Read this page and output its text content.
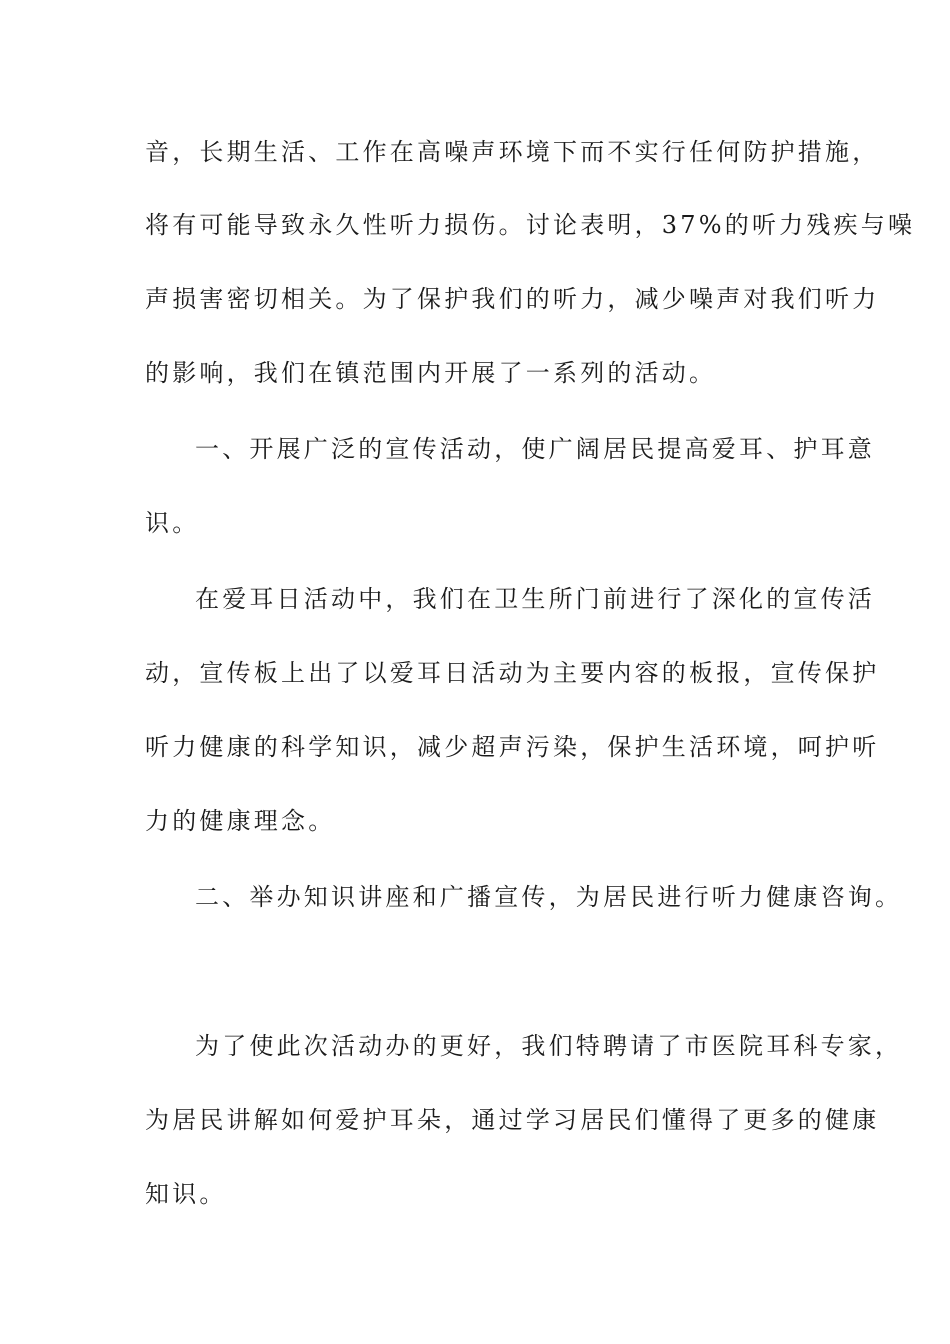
音，长期生活、工作在高噪声环境下而不实行任何防护措施，
将有可能导致永久性听力损伤。讨论表明，37%的听力残疾与噪
声损害密切相关。为了保护我们的听力，减少噪声对我们听力
的影响，我们在镇范围内开展了一系列的活动。
一、开展广泛的宣传活动，使广阔居民提高爱耳、护耳意
识。
在爱耳日活动中，我们在卫生所门前进行了深化的宣传活
动，宣传板上出了以爱耳日活动为主要内容的板报，宣传保护
听力健康的科学知识，减少超声污染，保护生活环境，呵护听
力的健康理念。
二、举办知识讲座和广播宣传，为居民进行听力健康咨询。
为了使此次活动办的更好，我们特聘请了市医院耳科专家，
为居民讲解如何爱护耳朵，通过学习居民们懂得了更多的健康
知识。
